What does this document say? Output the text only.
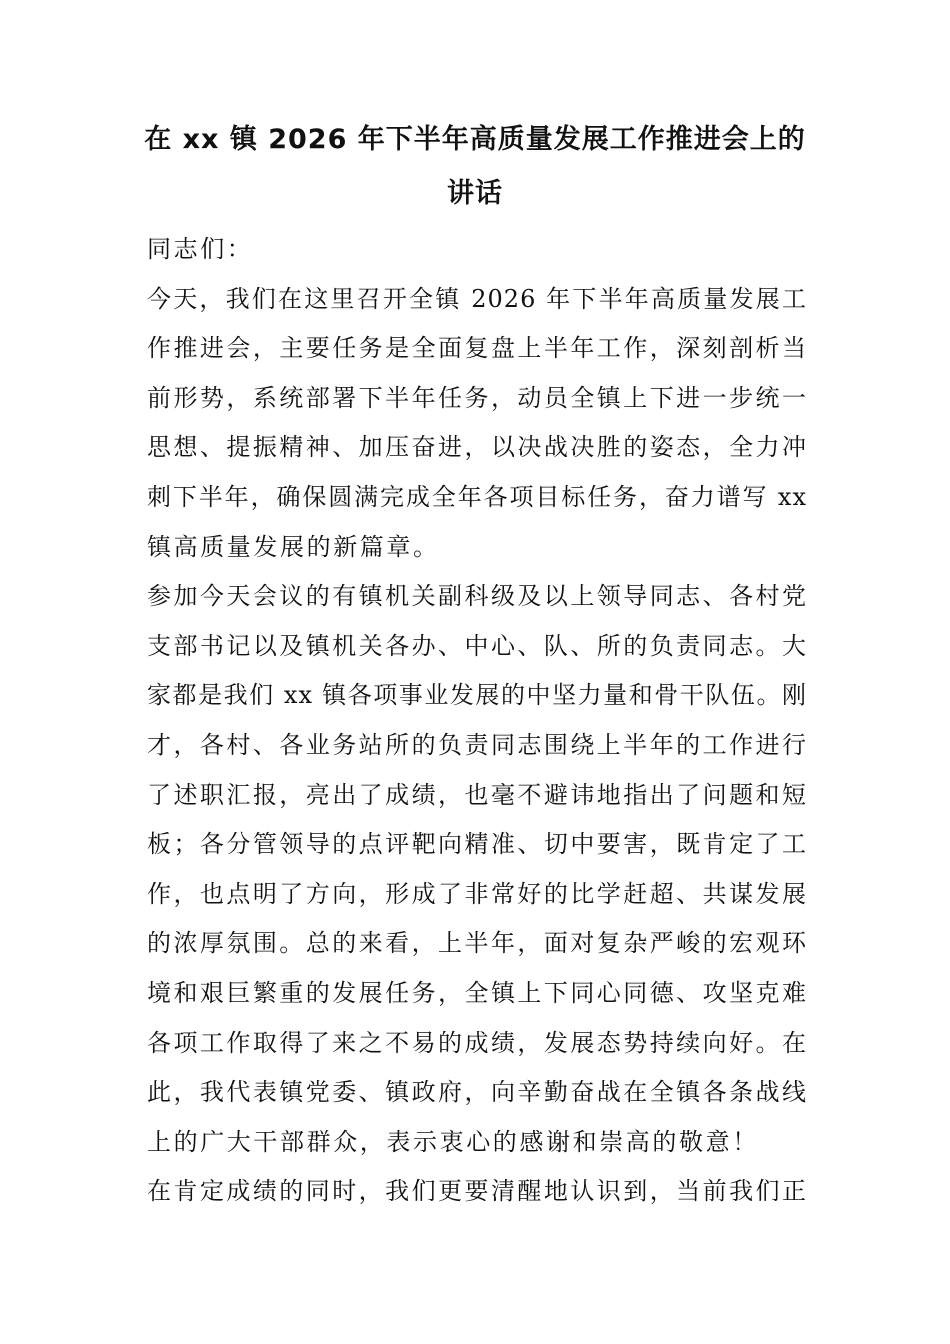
在 xx 镇 2026 年下半年高质量发展工作推进会上的
讲话
同志们：
今天，我们在这里召开全镇 2026 年下半年高质量发展工
作推进会，主要任务是全面复盘上半年工作，深刻剖析当
前形势，系统部署下半年任务，动员全镇上下进一步统一
思想、提振精神、加压奋进，以决战决胜的姿态，全力冲
刺下半年，确保圆满完成全年各项目标任务，奋力谱写 xx
镇高质量发展的新篇章。
参加今天会议的有镇机关副科级及以上领导同志、各村党
支部书记以及镇机关各办、中心、队、所的负责同志。大
家都是我们 xx 镇各项事业发展的中坚力量和骨干队伍。刚
才，各村、各业务站所的负责同志围绕上半年的工作进行
了述职汇报，亮出了成绩，也毫不避讳地指出了问题和短
板；各分管领导的点评靶向精准、切中要害，既肯定了工
作，也点明了方向，形成了非常好的比学赶超、共谋发展
的浓厚氛围。总的来看，上半年，面对复杂严峻的宏观环
境和艰巨繁重的发展任务，全镇上下同心同德、攻坚克难
各项工作取得了来之不易的成绩，发展态势持续向好。在
此，我代表镇党委、镇政府，向辛勤奋战在全镇各条战线
上的广大干部群众，表示衷心的感谢和崇高的敬意！
在肯定成绩的同时，我们更要清醒地认识到，当前我们正
